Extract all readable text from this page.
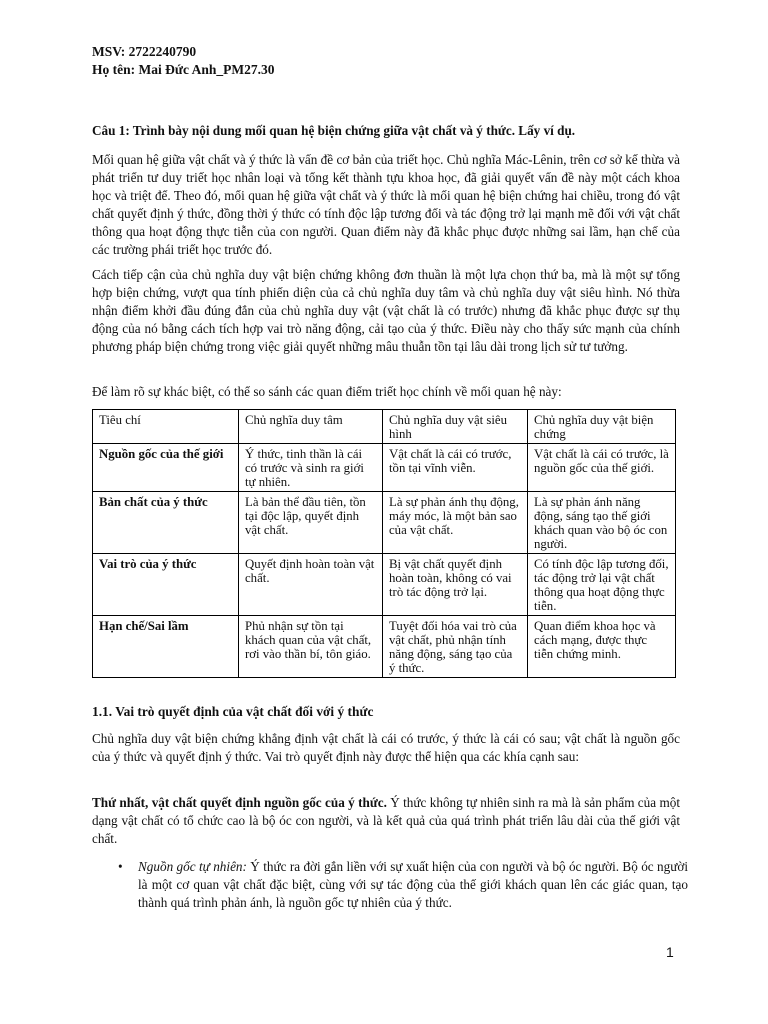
MSV: 2722240790
Họ tên: Mai Đức Anh_PM27.30
Câu 1: Trình bày nội dung mối quan hệ biện chứng giữa vật chất và ý thức. Lấy ví dụ.
Mối quan hệ giữa vật chất và ý thức là vấn đề cơ bản của triết học. Chủ nghĩa Mác-Lênin, trên cơ sở kế thừa và phát triển tư duy triết học nhân loại và tổng kết thành tựu khoa học, đã giải quyết vấn đề này một cách khoa học và triệt để. Theo đó, mối quan hệ giữa vật chất và ý thức là mối quan hệ biện chứng hai chiều, trong đó vật chất quyết định ý thức, đồng thời ý thức có tính độc lập tương đối và tác động trở lại mạnh mẽ đối với vật chất thông qua hoạt động thực tiễn của con người. Quan điểm này đã khắc phục được những sai lầm, hạn chế của các trường phái triết học trước đó.
Cách tiếp cận của chủ nghĩa duy vật biện chứng không đơn thuần là một lựa chọn thứ ba, mà là một sự tổng hợp biện chứng, vượt qua tính phiến diện của cả chủ nghĩa duy tâm và chủ nghĩa duy vật siêu hình. Nó thừa nhận điểm khởi đầu đúng đắn của chủ nghĩa duy vật (vật chất là có trước) nhưng đã khắc phục được sự thụ động của nó bằng cách tích hợp vai trò năng động, cải tạo của ý thức. Điều này cho thấy sức mạnh của chính phương pháp biện chứng trong việc giải quyết những mâu thuẫn tồn tại lâu dài trong lịch sử tư tưởng.
Để làm rõ sự khác biệt, có thể so sánh các quan điểm triết học chính về mối quan hệ này:
Tiêu chí	Chủ nghĩa duy tâm	Chủ nghĩa duy vật siêu hình	Chủ nghĩa duy vật biện chứng
Nguồn gốc của thế giới	Ý thức, tinh thần là cái có trước và sinh ra giới tự nhiên.	Vật chất là cái có trước, tồn tại vĩnh viễn.	Vật chất là cái có trước, là nguồn gốc của thế giới.
Bản chất của ý thức	Là bản thể đầu tiên, tồn tại độc lập, quyết định vật chất.	Là sự phản ánh thụ động, máy móc, là một bản sao của vật chất.	Là sự phản ánh năng động, sáng tạo thế giới khách quan vào bộ óc con người.
Vai trò của ý thức	Quyết định hoàn toàn vật chất.	Bị vật chất quyết định hoàn toàn, không có vai trò tác động trở lại.	Có tính độc lập tương đối, tác động trở lại vật chất thông qua hoạt động thực tiễn.
Hạn chế/Sai lầm	Phủ nhận sự tồn tại khách quan của vật chất, rơi vào thần bí, tôn giáo.	Tuyệt đối hóa vai trò của vật chất, phủ nhận tính năng động, sáng tạo của ý thức.	Quan điểm khoa học và cách mạng, được thực tiễn chứng minh.
1.1. Vai trò quyết định của vật chất đối với ý thức
Chủ nghĩa duy vật biện chứng khẳng định vật chất là cái có trước, ý thức là cái có sau; vật chất là nguồn gốc của ý thức và quyết định ý thức. Vai trò quyết định này được thể hiện qua các khía cạnh sau:
Thứ nhất, vật chất quyết định nguồn gốc của ý thức. Ý thức không tự nhiên sinh ra mà là sản phẩm của một dạng vật chất có tổ chức cao là bộ óc con người, và là kết quả của quá trình phát triển lâu dài của thế giới vật chất.
• Nguồn gốc tự nhiên: Ý thức ra đời gắn liền với sự xuất hiện của con người và bộ óc người. Bộ óc người là một cơ quan vật chất đặc biệt, cùng với sự tác động của thế giới khách quan lên các giác quan, tạo thành quá trình phản ánh, là nguồn gốc tự nhiên của ý thức.
1
